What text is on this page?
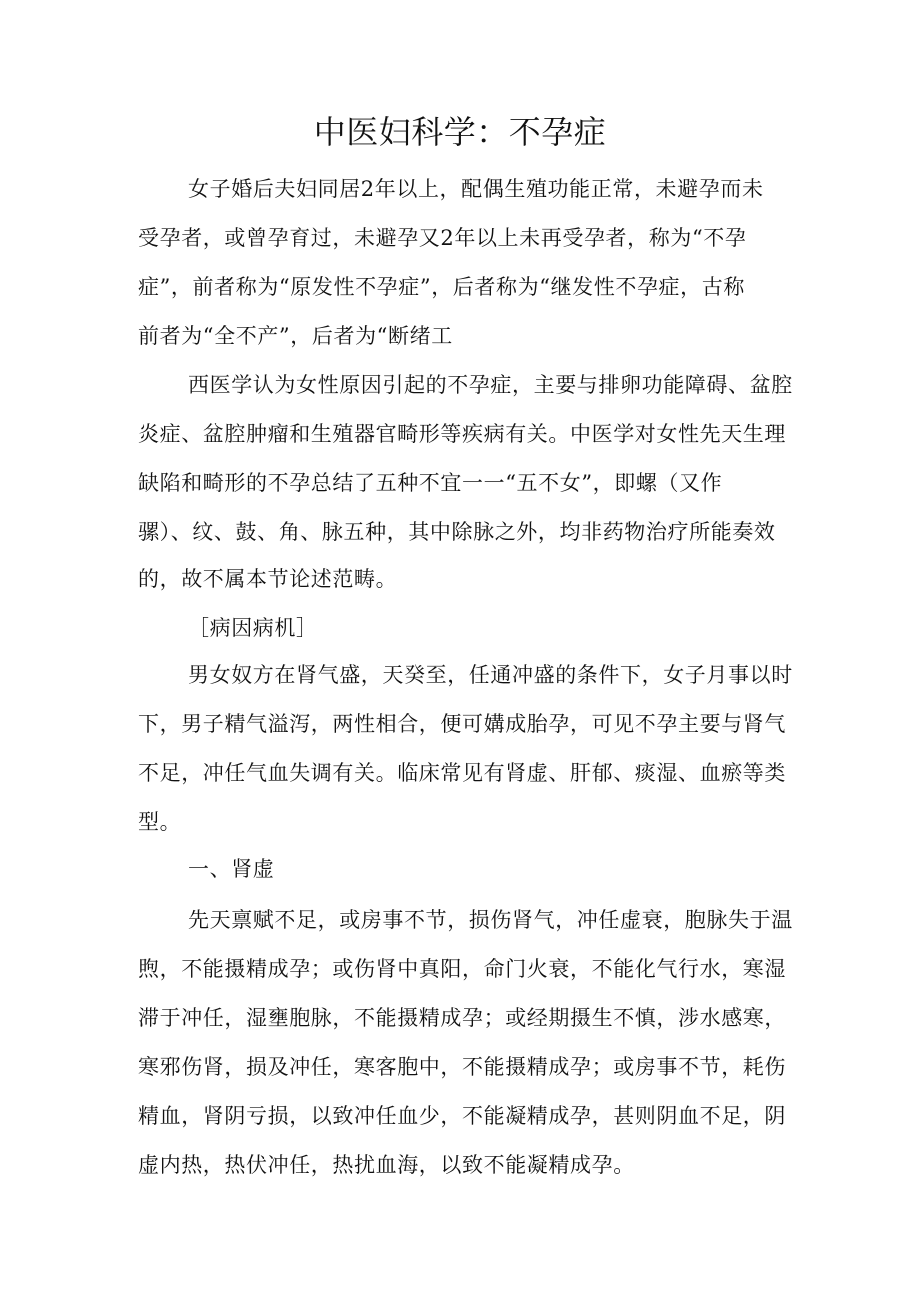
中医妇科学：不孕症
女子婚后夫妇同居2年以上，配偶生殖功能正常，未避孕而未
受孕者，或曾孕育过，未避孕又2年以上未再受孕者，称为“不孕
症”，前者称为“原发性不孕症”，后者称为“继发性不孕症，古称
前者为“全不产”，后者为“断绪工
西医学认为女性原因引起的不孕症，主要与排卵功能障碍、盆腔
炎症、盆腔肿瘤和生殖器官畸形等疾病有关。中医学对女性先天生理
缺陷和畸形的不孕总结了五种不宜一一“五不女”，即螺（又作
骡）、纹、鼓、角、脉五种，其中除脉之外，均非药物治疗所能奏效
的，故不属本节论述范畴。
［病因病机］
男女奴方在肾气盛，天癸至，任通冲盛的条件下，女子月事以时
下，男子精气溢泻，两性相合，便可媾成胎孕，可见不孕主要与肾气
不足，冲任气血失调有关。临床常见有肾虚、肝郁、痰湿、血瘀等类
型。
一、肾虚
先天禀赋不足，或房事不节，损伤肾气，冲任虚衰，胞脉失于温
煦，不能摄精成孕；或伤肾中真阳，命门火衰，不能化气行水，寒湿
滞于冲任，湿壅胞脉，不能摄精成孕；或经期摄生不慎，涉水感寒，
寒邪伤肾，损及冲任，寒客胞中，不能摄精成孕；或房事不节，耗伤
精血，肾阴亏损，以致冲任血少，不能凝精成孕，甚则阴血不足，阴
虚内热，热伏冲任，热扰血海，以致不能凝精成孕。
